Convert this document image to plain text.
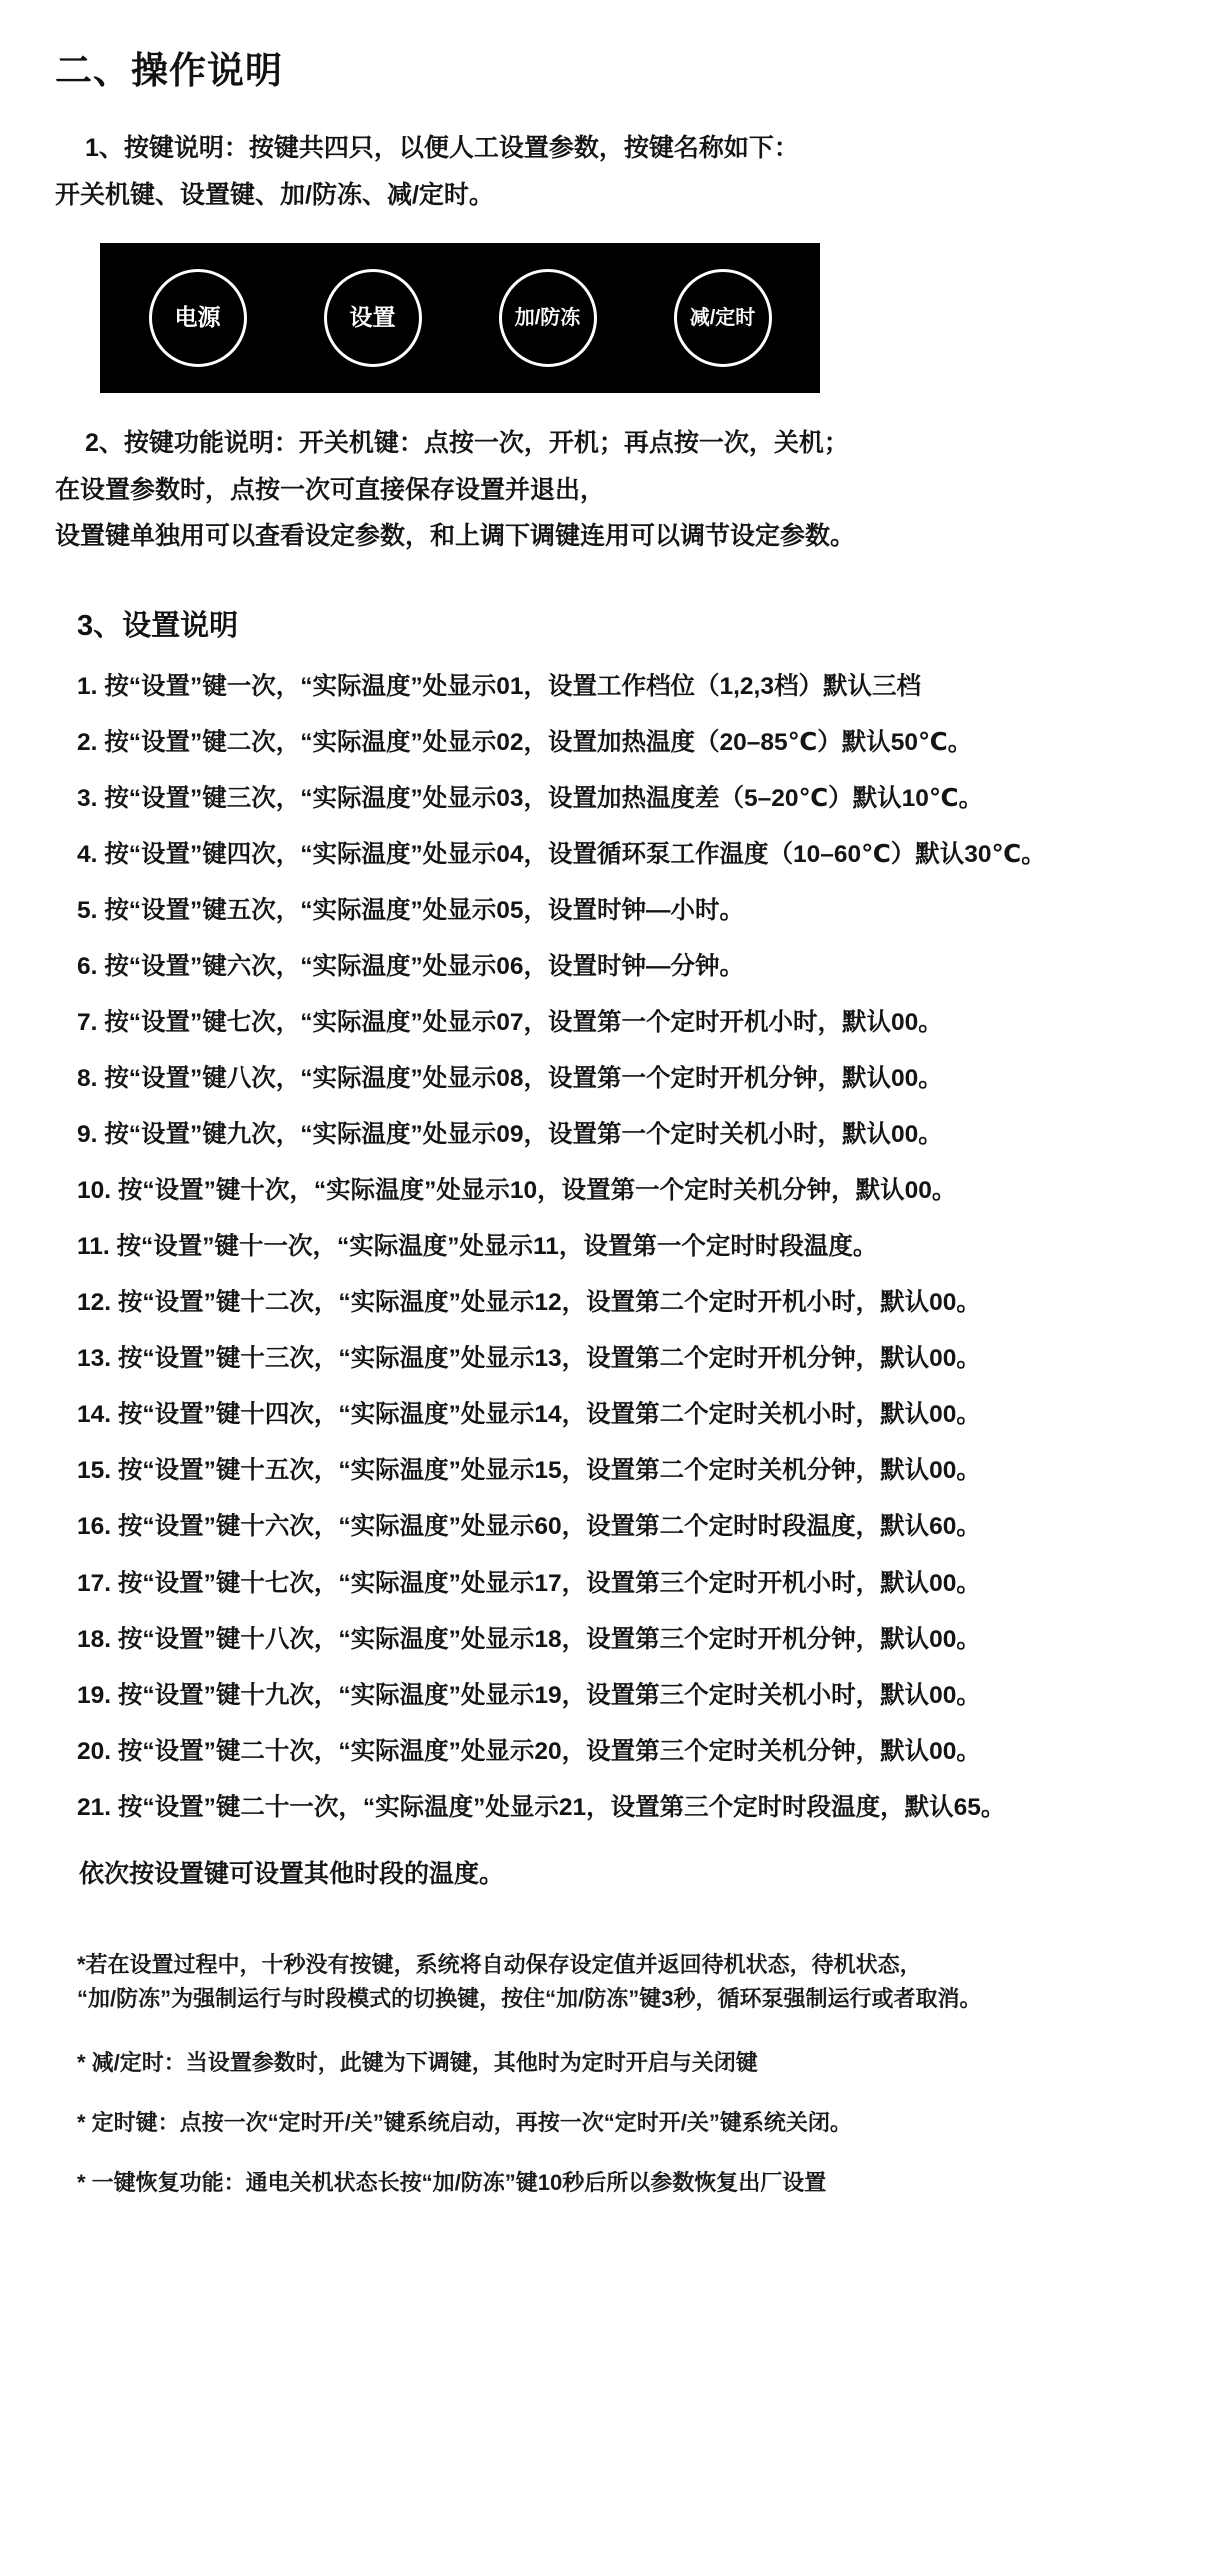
二、操作说明

1、按键说明：按键共四只，以便人工设置参数，按键名称如下：

开关机键、设置键、加/防冻、减/定时。

电源	设置	加/防冻	减/定时

2、按键功能说明：开关机键：点按一次，开机；再点按一次，关机；

在设置参数时，点按一次可直接保存设置并退出，

设置键单独用可以查看设定参数，和上调下调键连用可以调节设定参数。

3、设置说明
1. 按“设置”键一次，“实际温度”处显示01，设置工作档位（1,2,3档）默认三档
2. 按“设置”键二次，“实际温度”处显示02，设置加热温度（20–85℃）默认50℃。
3. 按“设置”键三次，“实际温度”处显示03，设置加热温度差（5–20℃）默认10℃。
4. 按“设置”键四次，“实际温度”处显示04，设置循环泵工作温度（10–60℃）默认30℃。
5. 按“设置”键五次，“实际温度”处显示05，设置时钟—小时。
6. 按“设置”键六次，“实际温度”处显示06，设置时钟—分钟。
7. 按“设置”键七次，“实际温度”处显示07，设置第一个定时开机小时，默认00。
8. 按“设置”键八次，“实际温度”处显示08，设置第一个定时开机分钟，默认00。
9. 按“设置”键九次，“实际温度”处显示09，设置第一个定时关机小时，默认00。
10. 按“设置”键十次，“实际温度”处显示10，设置第一个定时关机分钟，默认00。
11. 按“设置”键十一次，“实际温度”处显示11，设置第一个定时时段温度。
12. 按“设置”键十二次，“实际温度”处显示12，设置第二个定时开机小时，默认00。
13. 按“设置”键十三次，“实际温度”处显示13，设置第二个定时开机分钟，默认00。
14. 按“设置”键十四次，“实际温度”处显示14，设置第二个定时关机小时，默认00。
15. 按“设置”键十五次，“实际温度”处显示15，设置第二个定时关机分钟，默认00。
16. 按“设置”键十六次，“实际温度”处显示60，设置第二个定时时段温度，默认60。
17. 按“设置”键十七次，“实际温度”处显示17，设置第三个定时开机小时，默认00。
18. 按“设置”键十八次，“实际温度”处显示18，设置第三个定时开机分钟，默认00。
19. 按“设置”键十九次，“实际温度”处显示19，设置第三个定时关机小时，默认00。
20. 按“设置”键二十次，“实际温度”处显示20，设置第三个定时关机分钟，默认00。
21. 按“设置”键二十一次，“实际温度”处显示21，设置第三个定时时段温度，默认65。

依次按设置键可设置其他时段的温度。

*若在设置过程中，十秒没有按键，系统将自动保存设定值并返回待机状态，待机状态，
“加/防冻”为强制运行与时段模式的切换键，按住“加/防冻”键3秒，循环泵强制运行或者取消。
* 减/定时：当设置参数时，此键为下调键，其他时为定时开启与关闭键
* 定时键：点按一次“定时开/关”键系统启动，再按一次“定时开/关”键系统关闭。
* 一键恢复功能：通电关机状态长按“加/防冻”键10秒后所以参数恢复出厂设置
